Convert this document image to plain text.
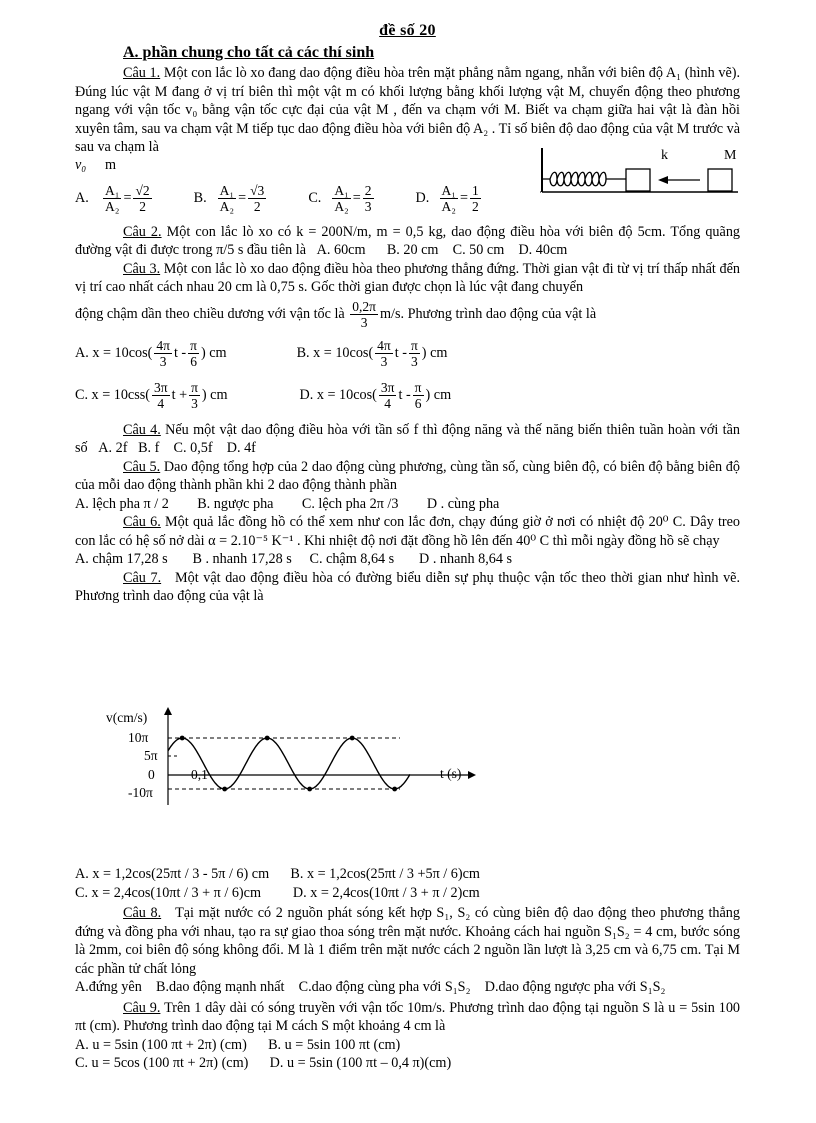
đề số 20
A. phần chung cho tất cả các thí sinh

Câu 1. Một con lắc lò xo đang dao động điều hòa trên mặt phẳng nằm ngang, nhẵn với biên độ A₁ (hình vẽ). Đúng lúc vật M đang ở vị trí biên thì một vật m có khối lượng bằng khối lượng vật M, chuyển động theo phương ngang với vận tốc v₀ bằng vận tốc cực đại của vật M , đến va chạm với M. Biết va chạm giữa hai vật là đàn hồi xuyên tâm, sau va chạm vật M tiếp tục dao động điều hòa với biên độ A₂ . Tỉ số biên độ dao động của vật M trước và sau va chạm là

v₀ m
A.	$\frac{\text{A₁}}{\text{A₂}} = \frac{√2}{2}$	B. $\frac{\text{A₁}}{\text{A₂}} = \frac{√3}{2}$	C. $\frac{\text{A₁}}{\text{A₂}} = \frac{2}{3}$	D. $\frac{\text{A₁}}{\text{A₂}} = \frac{1}{2}$

Câu 2. Một con lắc lò xo có k = 200N/m, m = 0,5 kg, dao động điều hòa với biên độ 5cm. Tổng quãng đường vật đi được trong π/5 s đầu tiên là A. 60cm B. 20 cm C. 50 cm D. 40cm

Câu 3. Một con lắc lò xo dao động điều hòa theo phương thẳng đứng. Thời gian vật đi từ vị trí thấp nhất đến vị trí cao nhất cách nhau 20 cm là 0,75 s. Gốc thời gian được chọn là lúc vật đang chuyển

động chậm dần theo chiều dương với vận tốc là
$\frac{0,2\pi}{3} m/s$. Phương trình dao động của vật là
A. $x = 10\cos( \frac{4\pi}{3}$ t - $\frac{\pi}{6}$ ) cm	B. $x = 10\cos( \frac{4\pi}{3}$ t - $\frac{\pi}{3}$ ) cm
C. $x = 10css( \frac{3\pi}{4}$ $t + \frac{\pi}{3}$ ) cm	D. $x = 10\cos( \frac{3\pi}{4}$ t - $\frac{\pi}{6}$ ) cm

Câu 4. Nếu một vật dao động điều hòa với tần số f thì động năng và thế năng biến thiên tuần hoàn với tần số A. 2f B. f C. 0,5f D. 4f

Câu 5. Dao động tổng hợp của 2 dao động cùng phương, cùng tần số, cùng biên độ, có biên độ bằng biên độ của mỗi dao động thành phần khi 2 dao động thành phần

A. lệch pha π / 2 B. ngược pha C. lệch pha 2π /3 D . cùng pha

Câu 6. Một quả lắc đồng hồ có thể xem như con lắc đơn, chạy đúng giờ ở nơi có nhiệt độ 20⁰ C. Dây treo con lắc có hệ số nở dài α = 2.10⁻⁵ K⁻¹ . Khi nhiệt độ nơi đặt đồng hồ lên đến 40⁰ C thì mỗi ngày đồng hồ sẽ chạy

A. chậm 17,28 s B . nhanh 17,28 s C. chậm 8,64 s D . nhanh 8,64 s

Câu 7. Một vật dao động điều hòa có đường biểu diễn sự phụ thuộc vận tốc theo thời gian như hình vẽ. Phương trình dao động của vật là

k	M
v(cm/s)
10π
5π
0
-10π
0,1	t (s)

A. x = 1,2cos(25πt / 3 - 5π / 6) cm B. x = 1,2cos(25πt / 3 +5π / 6)cm

C. x = 2,4cos(10πt / 3 + π / 6)cm D. x = 2,4cos(10πt / 3 + π / 2)cm

Câu 8. Tại mặt nước có 2 nguồn phát sóng kết hợp S₁, S₂ có cùng biên độ dao động theo phương thẳng đứng và đồng pha với nhau, tạo ra sự giao thoa sóng trên mặt nước. Khoảng cách hai nguồn S₁S₂ = 4 cm, bước sóng là 2mm, coi biên độ sóng không đổi. M là 1 điểm trên mặt nước cách 2 nguồn lần lượt là 3,25 cm và 6,75 cm. Tại M các phần tử chất lỏng

A.đứng yên B.dao động mạnh nhất C.dao động cùng pha với S₁S₂ D.dao động ngược pha với S₁S₂

Câu 9. Trên 1 dây dài có sóng truyền với vận tốc 10m/s. Phương trình dao động tại nguồn S là u = 5sin 100 πt (cm). Phương trình dao động tại M cách S một khoảng 4 cm là

A. u = 5sin (100 πt + 2π) (cm) B. u = 5sin 100 πt (cm)

C. u = 5cos (100 πt + 2π) (cm) D. u = 5sin (100 πt – 0,4 π)(cm)
